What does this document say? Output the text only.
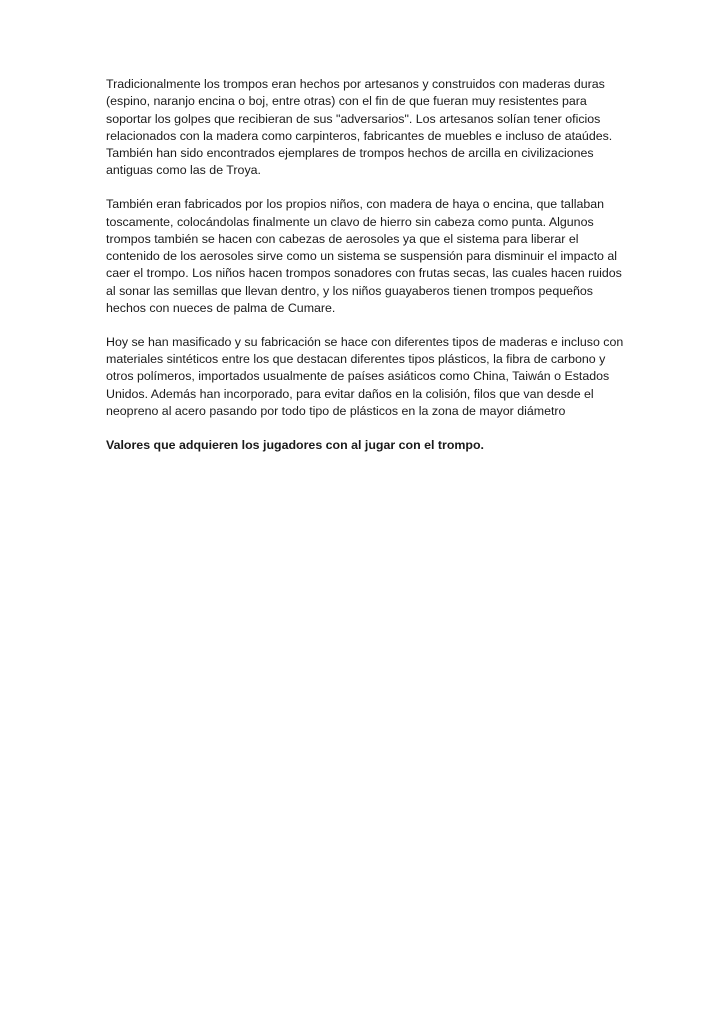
Tradicionalmente los trompos eran hechos por artesanos y construidos con maderas duras
(espino, naranjo encina o boj, entre otras) con el fin de que fueran muy resistentes para
soportar los golpes que recibieran de sus "adversarios". Los artesanos solían tener oficios
relacionados con la madera como carpinteros, fabricantes de muebles e incluso de ataúdes.
También han sido encontrados ejemplares de trompos hechos de arcilla en civilizaciones
antiguas como las de Troya.

También eran fabricados por los propios niños, con madera de haya o encina, que tallaban
toscamente, colocándolas finalmente un clavo de hierro sin cabeza como punta. Algunos
trompos también se hacen con cabezas de aerosoles ya que el sistema para liberar el
contenido de los aerosoles sirve como un sistema se suspensión para disminuir el impacto al
caer el trompo. Los niños hacen trompos sonadores con frutas secas, las cuales hacen ruidos
al sonar las semillas que llevan dentro, y los niños guayaberos tienen trompos pequeños
hechos con nueces de palma de Cumare.

Hoy se han masificado y su fabricación se hace con diferentes tipos de maderas e incluso con
materiales sintéticos entre los que destacan diferentes tipos plásticos, la fibra de carbono y
otros polímeros, importados usualmente de países asiáticos como China, Taiwán o Estados
Unidos. Además han incorporado, para evitar daños en la colisión, filos que van desde el
neopreno al acero pasando por todo tipo de plásticos en la zona de mayor diámetro

Valores que adquieren los jugadores con al jugar con el trompo.
